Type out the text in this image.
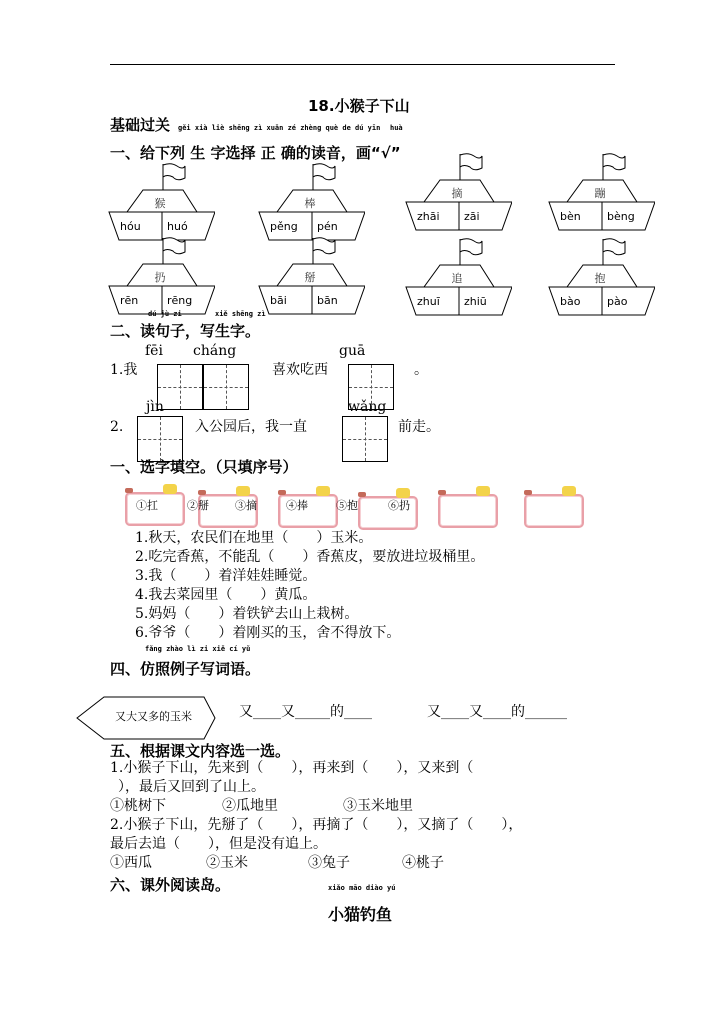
18.小猴子下山
基础过关 gěi xià liè shēng zì xuǎn zé zhèng què de dú yīn huà
一、给下列 生 字选择 正 确的读音，画“√”
猴
hóu huó
棒
pěng pén
摘
zhāi zāi
蹦
bèn bèng
扔
rēn	rēng
掰
bāi	bān
追
zhuī zhiū
抱
bào pào
dú jù zi	xiě shēng zì
二、读句子，写生字。
fēi cháng	guā
1.我	喜欢吃西	。
jìn	wǎng
2.	入公园后，我一直	前走。
一、选字填空。（只填序号）
①扛	②掰 ③摘	④捧	⑤抱	⑥扔
1.秋天，农民们在地里（　　）玉米。
2.吃完香蕉，不能乱（　　）香蕉皮，要放进垃圾桶里。
3.我（　　）着洋娃娃睡觉。
4.我去菜园里（　　）黄瓜。
5.妈妈（　　）着铁铲去山上栽树。
6.爷爷（　　）着刚买的玉，舍不得放下。
fǎng zhào lì zi xiě cí yǔ
四、仿照例子写词语。
又大又多的玉米	又____又_____的____	又____又____的______
五、根据课文内容选一选。
1.小猴子下山，先来到（　　），再来到（　　），又来到（
），最后又回到了山上。
①桃树下	②瓜地里	③玉米地里
2.小猴子下山，先掰了（　　），再摘了（　　），又摘了（　　），
最后去追（　　），但是没有追上。
①西瓜	②玉米	③兔子	④桃子
六、课外阅读岛。	xiǎo māo diào yú
小猫钓鱼
